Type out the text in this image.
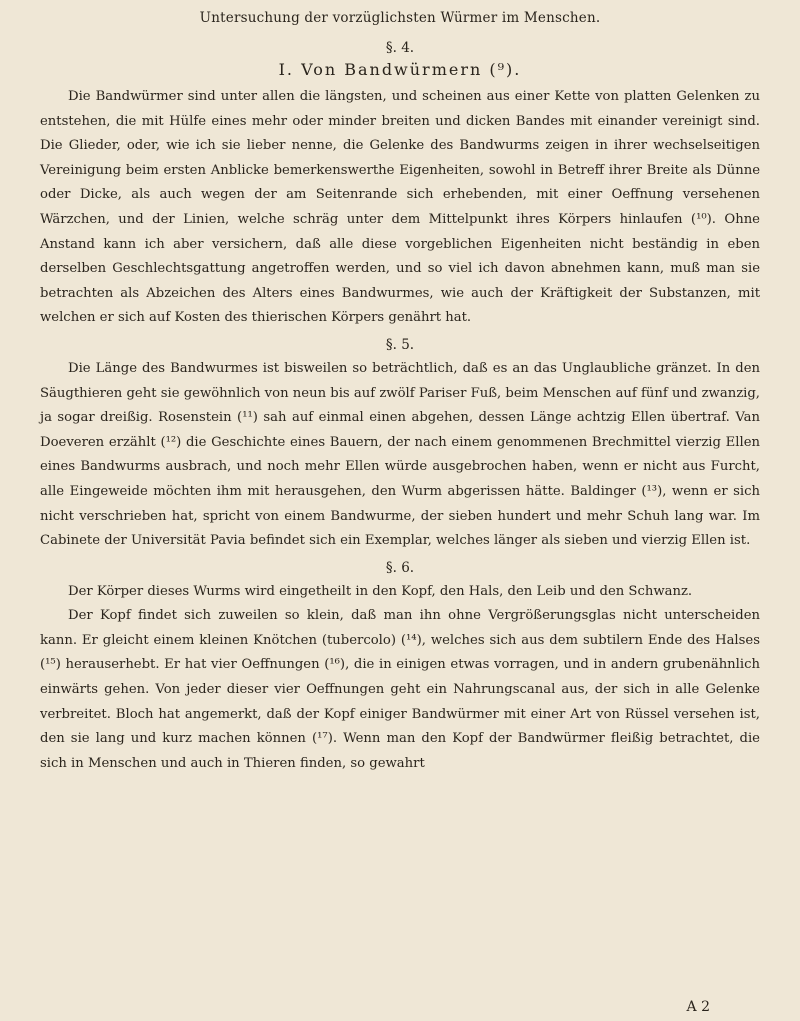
Untersuchung der vorzüglichsten Würmer im Menschen.
§. 4.
I. Von Bandwürmern (⁹).

Die Bandwürmer sind unter allen die längsten, und scheinen aus einer Kette von platten Gelenken zu entstehen, die mit Hülfe eines mehr oder minder breiten und dicken Bandes mit einander vereinigt sind. Die Glieder, oder, wie ich sie lieber nenne, die Gelenke des Bandwurms zeigen in ihrer wechselseitigen Vereinigung beim ersten Anblicke bemerkenswerthe Eigenheiten, sowohl in Betreff ihrer Breite als Dünne oder Dicke, als auch wegen der am Seitenrande sich erhebenden, mit einer Oeffnung versehenen Wärzchen, und der Linien, welche schräg unter dem Mittelpunkt ihres Körpers hinlaufen (¹⁰). Ohne Anstand kann ich aber versichern, daß alle diese vorgeblichen Eigenheiten nicht beständig in eben derselben Geschlechtsgattung angetroffen werden, und so viel ich davon abnehmen kann, muß man sie betrachten als Abzeichen des Alters eines Bandwurmes, wie auch der Kräftigkeit der Substanzen, mit welchen er sich auf Kosten des thierischen Körpers genährt hat.

§. 5.

Die Länge des Bandwurmes ist bisweilen so beträchtlich, daß es an das Unglaubliche gränzet. In den Säugthieren geht sie gewöhnlich von neun bis auf zwölf Pariser Fuß, beim Menschen auf fünf und zwanzig, ja sogar dreißig. Rosenstein (¹¹) sah auf einmal einen abgehen, dessen Länge achtzig Ellen übertraf. Van Doeveren erzählt (¹²) die Geschichte eines Bauern, der nach einem genommenen Brechmittel vierzig Ellen eines Bandwurms ausbrach, und noch mehr Ellen würde ausgebrochen haben, wenn er nicht aus Furcht, alle Eingeweide möchten ihm mit herausgehen, den Wurm abgerissen hätte. Baldinger (¹³), wenn er sich nicht verschrieben hat, spricht von einem Bandwurme, der sieben hundert und mehr Schuh lang war. Im Cabinete der Universität Pavia befindet sich ein Exemplar, welches länger als sieben und vierzig Ellen ist.

§. 6.

Der Körper dieses Wurms wird eingetheilt in den Kopf, den Hals, den Leib und den Schwanz.

Der Kopf findet sich zuweilen so klein, daß man ihn ohne Vergrößerungsglas nicht unterscheiden kann. Er gleicht einem kleinen Knötchen (tubercolo) (¹⁴), welches sich aus dem subtilern Ende des Halses (¹⁵) herauserhebt. Er hat vier Oeffnungen (¹⁶), die in einigen etwas vorragen, und in andern grubenähnlich einwärts gehen. Von jeder dieser vier Oeffnungen geht ein Nahrungscanal aus, der sich in alle Gelenke verbreitet. Bloch hat angemerkt, daß der Kopf einiger Bandwürmer mit einer Art von Rüssel versehen ist, den sie lang und kurz machen können (¹⁷). Wenn man den Kopf der Bandwürmer fleißig betrachtet, die sich in Menschen und auch in Thieren finden, so gewahrt

A 2
